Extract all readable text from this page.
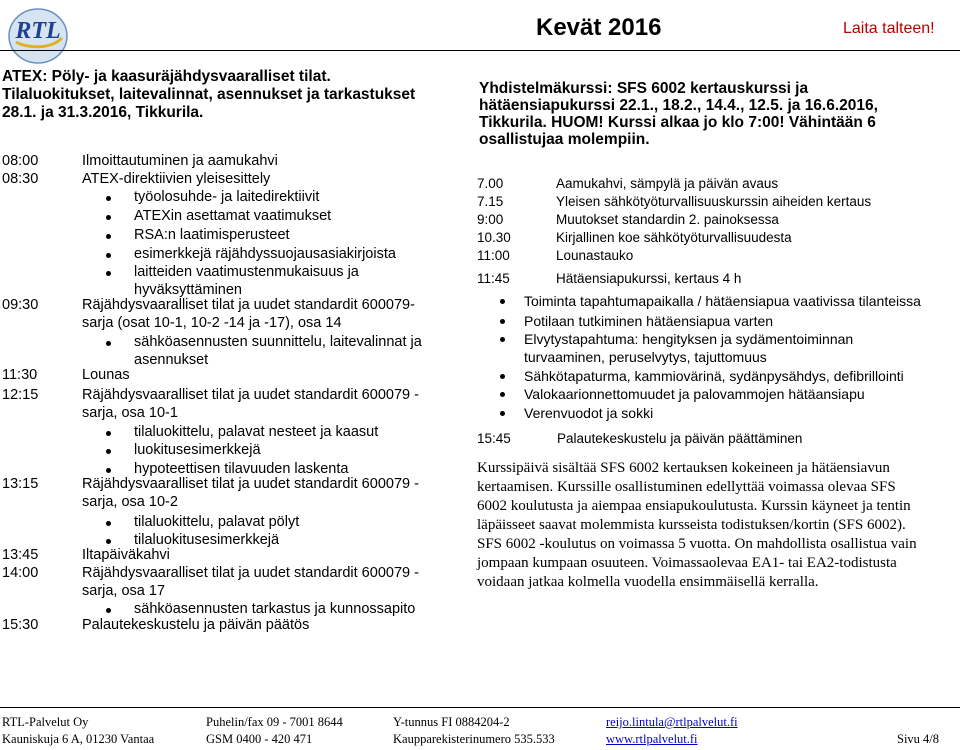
RTL	Kevät 2016	Laita talteen!
ATEX: Pöly- ja kaasuräjähdysvaaralliset tilat.
Tilaluokitukset, laitevalinnat, asennukset ja tarkastukset
28.1. ja 31.3.2016, Tikkurila.
08:00	Ilmoittautuminen ja aamukahvi
08:30	ATEX-direktiivien yleisesittely
työolosuhde- ja laitedirektiivit
ATEXin asettamat vaatimukset
RSA:n laatimisperusteet
esimerkkejä räjähdyssuojausasiakirjoista
laitteiden vaatimustenmukaisuus ja
hyväksyttäminen
09:30	Räjähdysvaaralliset tilat ja uudet standardit 600079-
sarja (osat 10-1, 10-2 -14 ja -17), osa 14
sähköasennusten suunnittelu, laitevalinnat ja
asennukset
11:30	Lounas
12:15	Räjähdysvaaralliset tilat ja uudet standardit 600079 -
sarja, osa 10-1
tilaluokittelu, palavat nesteet ja kaasut
luokitusesimerkkejä
hypoteettisen tilavuuden laskenta
13:15	Räjähdysvaaralliset tilat ja uudet standardit 600079 -
sarja, osa 10-2
tilaluokittelu, palavat pölyt
tilaluokitusesimerkkejä
13:45	Iltapäiväkahvi
14:00	Räjähdysvaaralliset tilat ja uudet standardit 600079 -
sarja, osa 17
sähköasennusten tarkastus ja kunnossapito
15:30	Palautekeskustelu ja päivän päätös
Yhdistelmäkurssi: SFS 6002 kertauskurssi ja
hätäensiapukurssi 22.1., 18.2., 14.4., 12.5. ja 16.6.2016,
Tikkurila. HUOM! Kurssi alkaa jo klo 7:00! Vähintään 6
osallistujaa molempiin.
7.00	Aamukahvi, sämpylä ja päivän avaus
7.15	Yleisen sähkötyöturvallisuuskurssin aiheiden kertaus
9:00	Muutokset standardin 2. painoksessa
10.30	Kirjallinen koe sähkötyöturvallisuudesta
11:00	Lounastauko
11:45	Hätäensiapukurssi, kertaus 4 h
Toiminta tapahtumapaikalla / hätäensiapua vaativissa tilanteissa
Potilaan tutkiminen hätäensiapua varten
Elvytystapahtuma: hengityksen ja sydämentoiminnan
turvaaminen, peruselvytys, tajuttomuus
Sähkötapaturma, kammiovärinä, sydänpysähdys, defibrillointi
Valokaarionnettomuudet ja palovammojen hätäansiapu
Verenvuodot ja sokki
15:45	Palautekeskustelu ja päivän päättäminen
Kurssipäivä sisältää SFS 6002 kertauksen kokeineen ja hätäensiavun
kertaamisen. Kurssille osallistuminen edellyttää voimassa olevaa SFS
6002 koulutusta ja aiempaa ensiapukoulutusta. Kurssin käyneet ja tentin
läpäisseet saavat molemmista kursseista todistuksen/kortin (SFS 6002).
SFS 6002 -koulutus on voimassa 5 vuotta. On mahdollista osallistua vain
jompaan kumpaan osuuteen. Voimassaolevaa EA1- tai EA2-todistusta
voidaan jatkaa kolmella vuodella ensimmäisellä kerralla.
RTL-Palvelut Oy
Kauniskuja 6 A, 01230 Vantaa
Puhelin/fax 09 - 7001 8644
GSM 0400 - 420 471
Y-tunnus FI 0884204-2
Kaupparekisterinumero 535.533
reijo.lintula@rtlpalvelut.fi
www.rtlpalvelut.fi	Sivu 4/8
